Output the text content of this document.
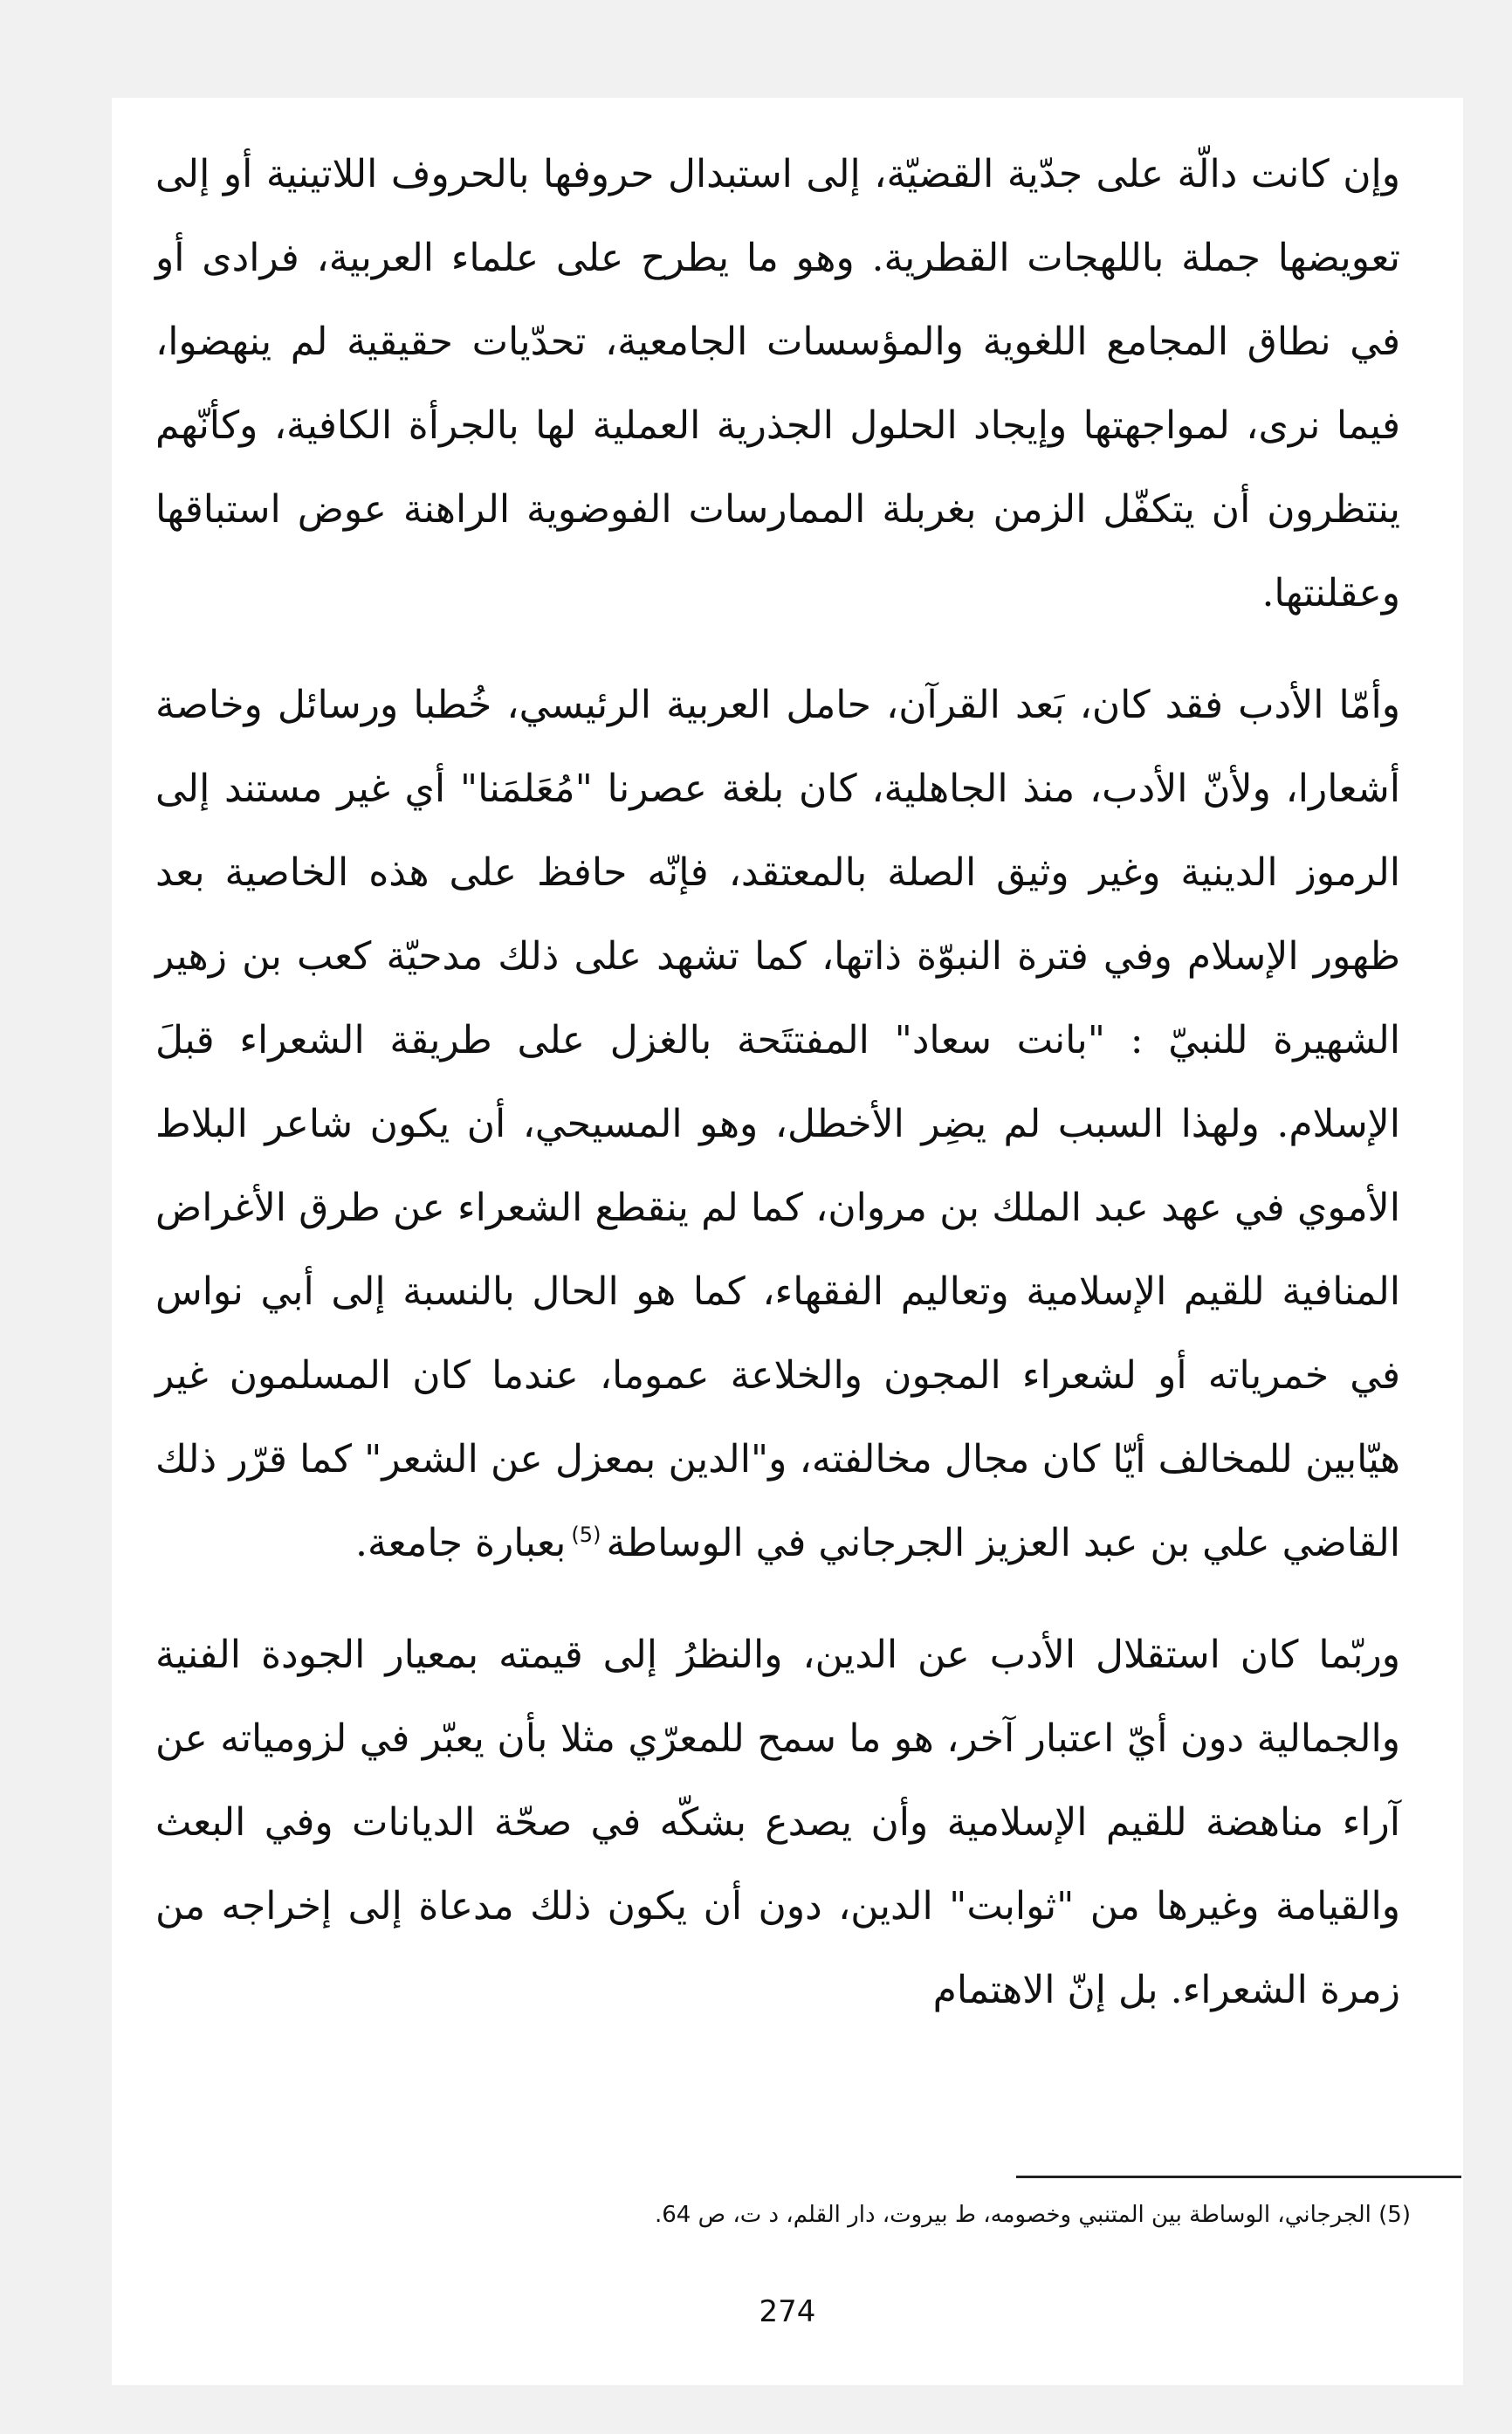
وإن كانت دالّة على جدّية القضيّة، إلى استبدال حروفها بالحروف اللاتينية أو إلى تعويضها جملة باللهجات القطرية. وهو ما يطرح على علماء العربية، فرادى أو في نطاق المجامع اللغوية والمؤسسات الجامعية، تحدّيات حقيقية لم ينهضوا، فيما نرى، لمواجهتها وإيجاد الحلول الجذرية العملية لها بالجرأة الكافية، وكأنّهم ينتظرون أن يتكفّل الزمن بغربلة الممارسات الفوضوية الراهنة عوض استباقها وعقلنتها.

وأمّا الأدب فقد كان، بَعد القرآن، حامل العربية الرئيسي، خُطبا ورسائل وخاصة أشعارا، ولأنّ الأدب، منذ الجاهلية، كان بلغة عصرنا "مُعَلمَنا" أي غير مستند إلى الرموز الدينية وغير وثيق الصلة بالمعتقد، فإنّه حافظ على هذه الخاصية بعد ظهور الإسلام وفي فترة النبوّة ذاتها، كما تشهد على ذلك مدحيّة كعب بن زهير الشهيرة للنبيّ : "بانت سعاد" المفتتَحة بالغزل على طريقة الشعراء قبلَ الإسلام. ولهذا السبب لم يضِر الأخطل، وهو المسيحي، أن يكون شاعر البلاط الأموي في عهد عبد الملك بن مروان، كما لم ينقطع الشعراء عن طرق الأغراض المنافية للقيم الإسلامية وتعاليم الفقهاء، كما هو الحال بالنسبة إلى أبي نواس في خمرياته أو لشعراء المجون والخلاعة عموما، عندما كان المسلمون غير هيّابين للمخالف أيّا كان مجال مخالفته، و"الدين بمعزل عن الشعر" كما قرّر ذلك القاضي علي بن عبد العزيز الجرجاني في الوساطة$^{(5)}$بعبارة جامعة.

وربّما كان استقلال الأدب عن الدين، والنظرُ إلى قيمته بمعيار الجودة الفنية والجمالية دون أيّ اعتبار آخر، هو ما سمح للمعرّي مثلا بأن يعبّر في لزومياته عن آراء مناهضة للقيم الإسلامية وأن يصدع بشكّه في صحّة الديانات وفي البعث والقيامة وغيرها من "ثوابت" الدين، دون أن يكون ذلك مدعاة إلى إخراجه من زمرة الشعراء. بل إنّ الاهتمام

(5) الجرجاني، الوساطة بين المتنبي وخصومه، ط بيروت، دار القلم، د ت، ص 64.
274
